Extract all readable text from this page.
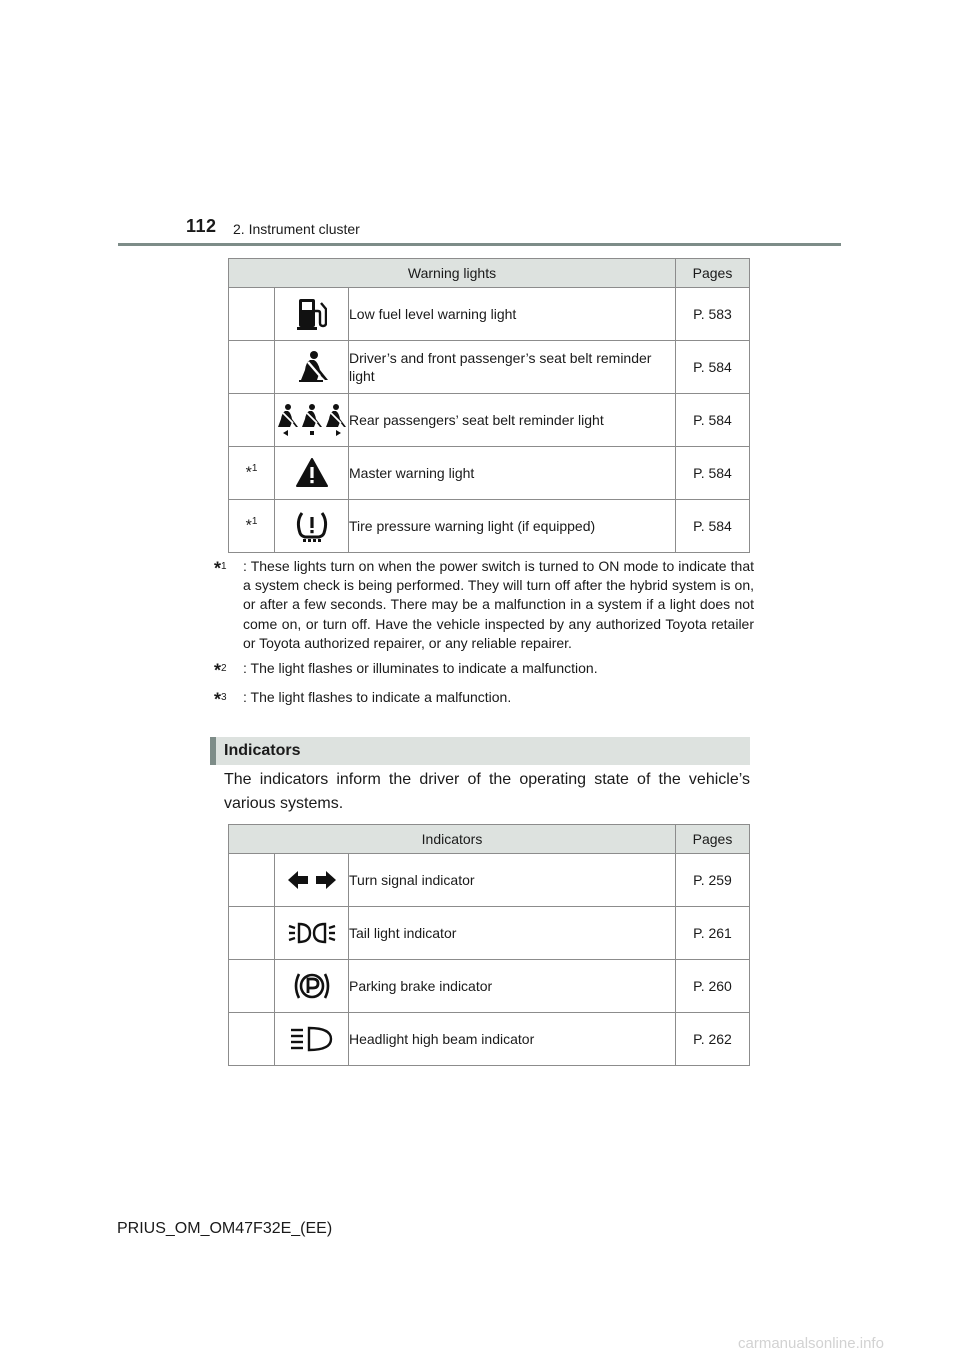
112 2. Instrument cluster
Warning lights			Pages

	Low fuel level warning light	P. 583

	Driver’s and front passenger’s seat belt reminder light	P. 584

	Rear passengers’ seat belt reminder light	P. 584
*$^1$		Master warning light	P. 584
*$^1$		Tire pressure warning light (if equipped)	P. 584
*$^1$	: These lights turn on when the power switch is turned to ON mode to indicate that a system check is being performed. They will turn off after the hybrid system is on, or after a few seconds. There may be a malfunction in a system if a light does not come on, or turn off. Have the vehicle inspected by any authorized Toyota retailer or Toyota authorized repairer, or any reliable repairer.
*$^2$	: The light flashes or illuminates to indicate a malfunction.
*$^3$	: The light flashes to indicate a malfunction.
Indicators
The indicators inform the driver of the operating state of the vehicle’s various systems.
Indicators			Pages

	Turn signal indicator	P. 259

	Tail light indicator	P. 261

	Parking brake indicator	P. 260

	Headlight high beam indicator	P. 262
PRIUS_OM_OM47F32E_(EE)
carmanualsonline.info
